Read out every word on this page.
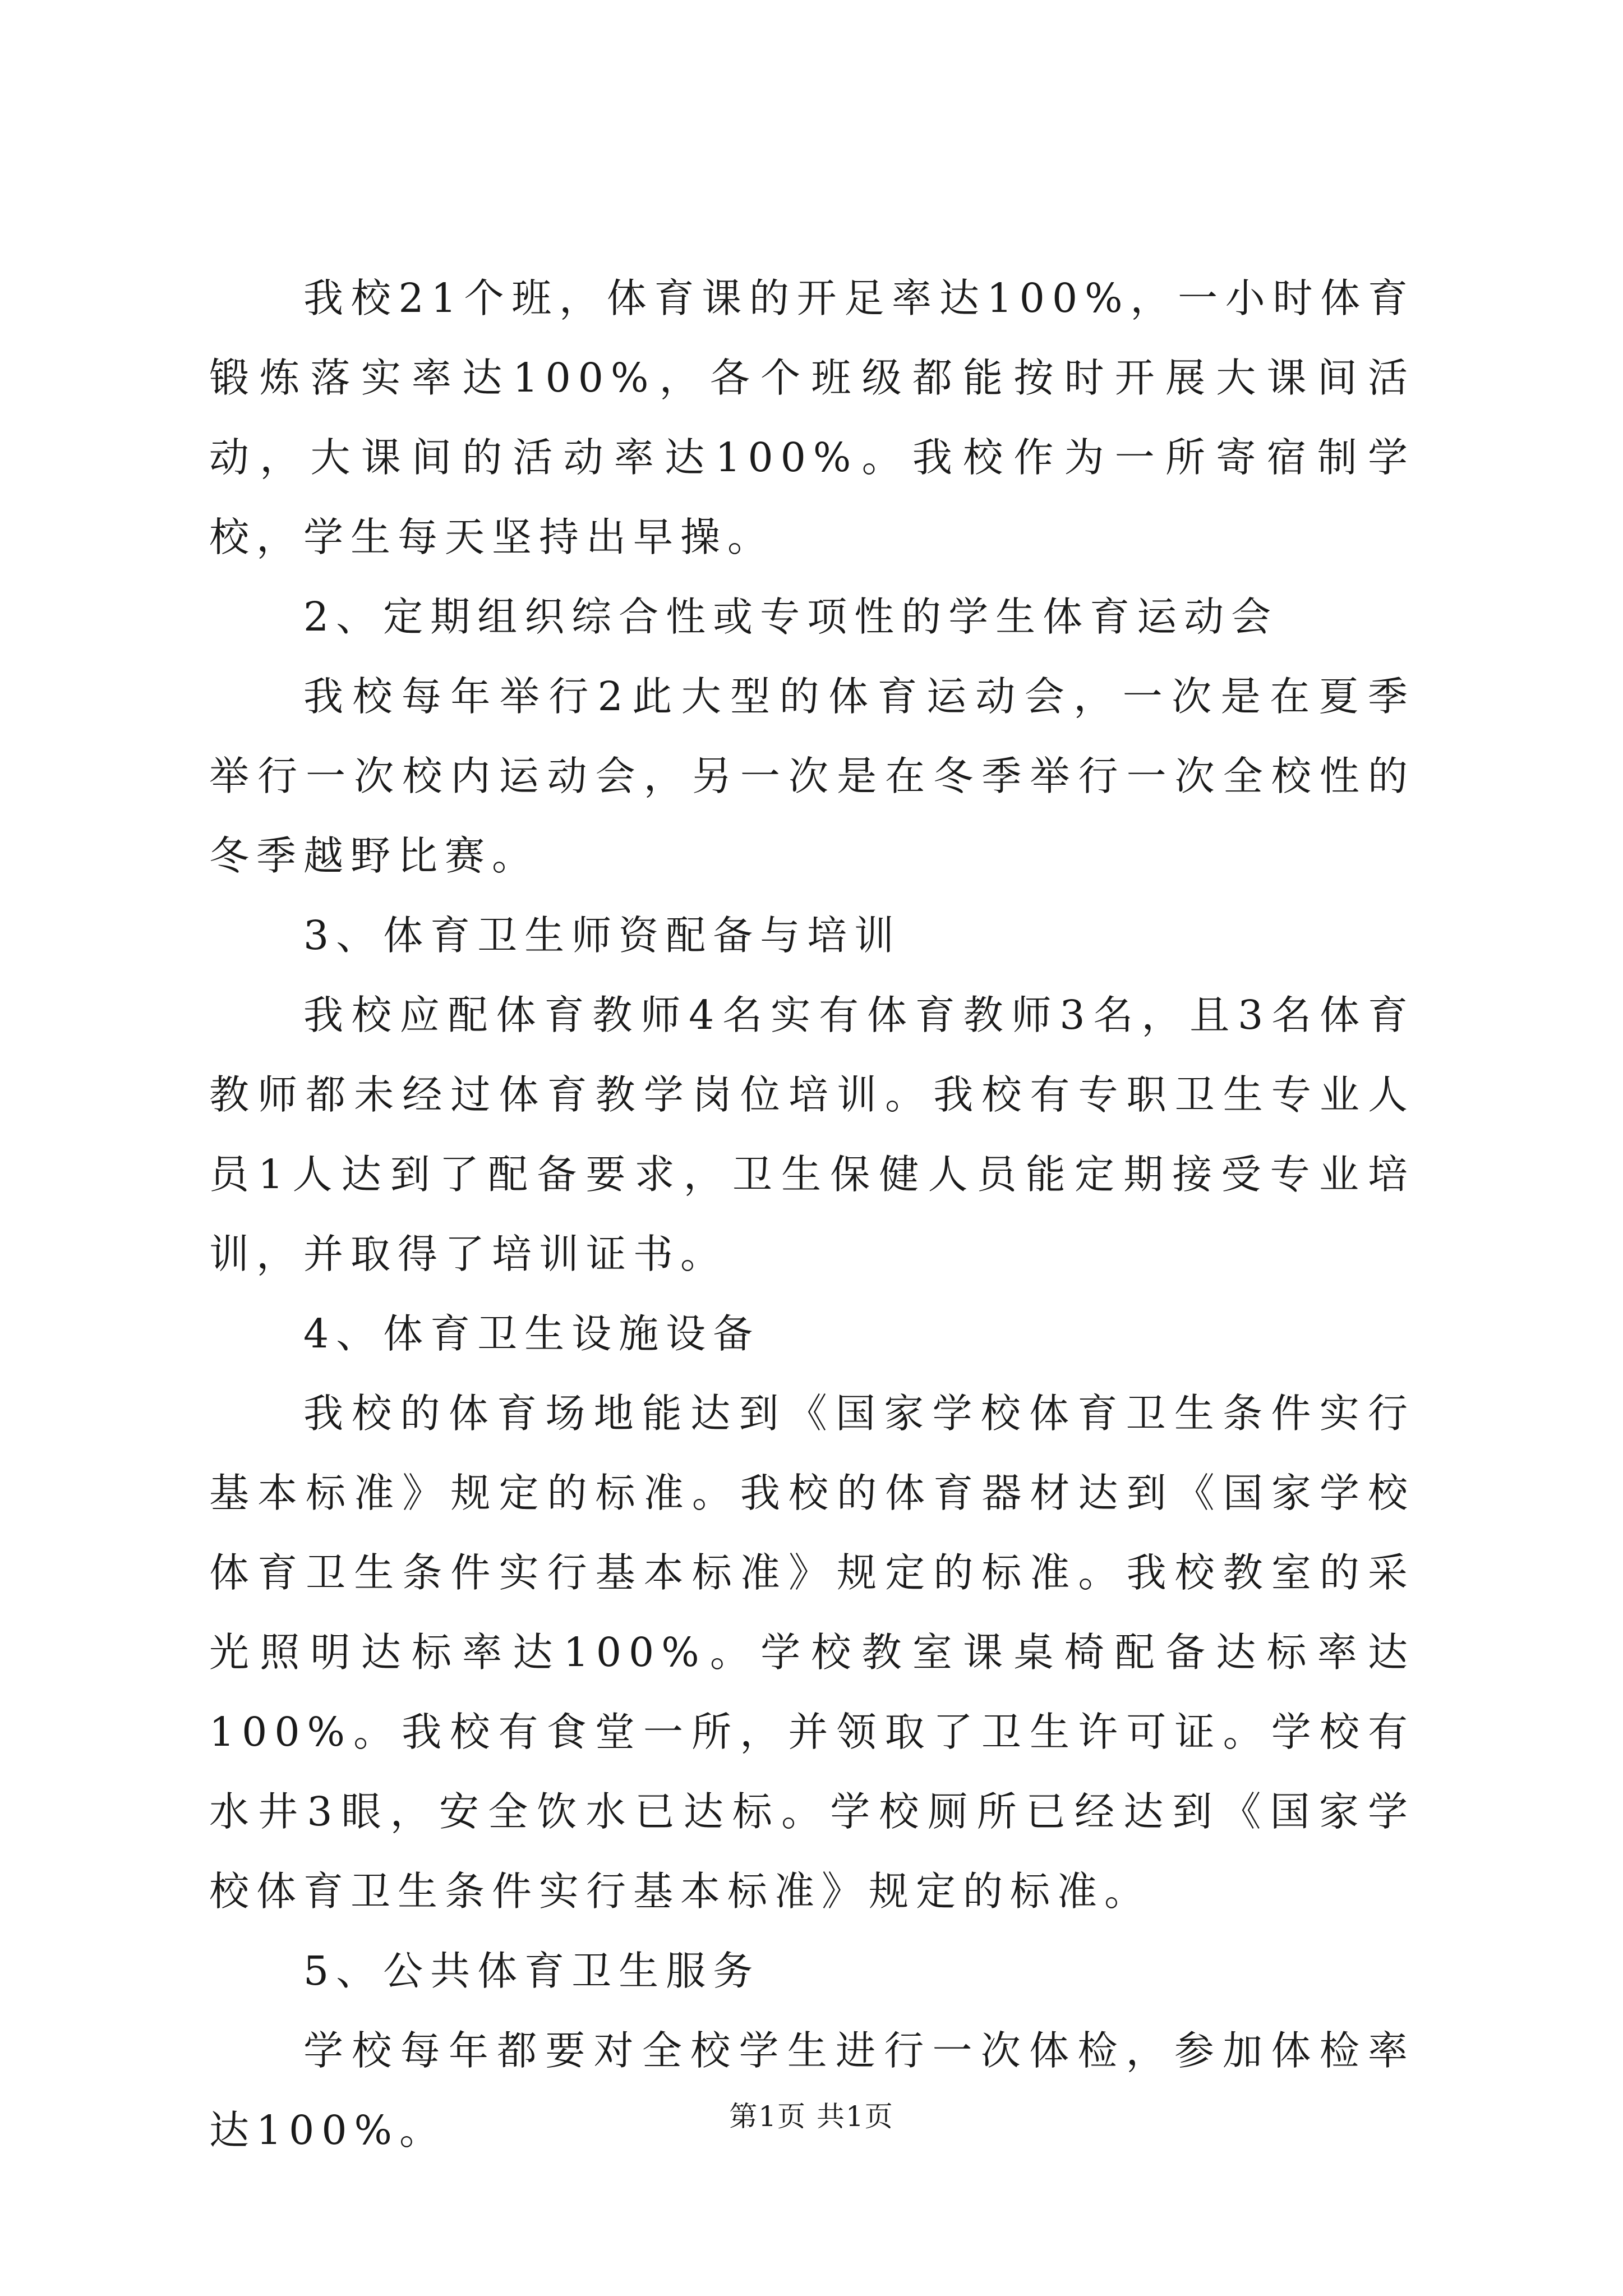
我校21个班，体育课的开足率达100%，一小时体育锻炼落实率达100%，各个班级都能按时开展大课间活动，大课间的活动率达100%。我校作为一所寄宿制学校，学生每天坚持出早操。

2、定期组织综合性或专项性的学生体育运动会

我校每年举行2此大型的体育运动会，一次是在夏季举行一次校内运动会，另一次是在冬季举行一次全校性的冬季越野比赛。

3、体育卫生师资配备与培训

我校应配体育教师4名实有体育教师3名，且3名体育教师都未经过体育教学岗位培训。我校有专职卫生专业人员1人达到了配备要求，卫生保健人员能定期接受专业培训，并取得了培训证书。

4、体育卫生设施设备

我校的体育场地能达到《国家学校体育卫生条件实行基本标准》规定的标准。我校的体育器材达到《国家学校体育卫生条件实行基本标准》规定的标准。我校教室的采光照明达标率达100%。学校教室课桌椅配备达标率达100%。我校有食堂一所，并领取了卫生许可证。学校有水井3眼，安全饮水已达标。学校厕所已经达到《国家学校体育卫生条件实行基本标准》规定的标准。

5、公共体育卫生服务

学校每年都要对全校学生进行一次体检，参加体检率达100%。	第1页 共1页
